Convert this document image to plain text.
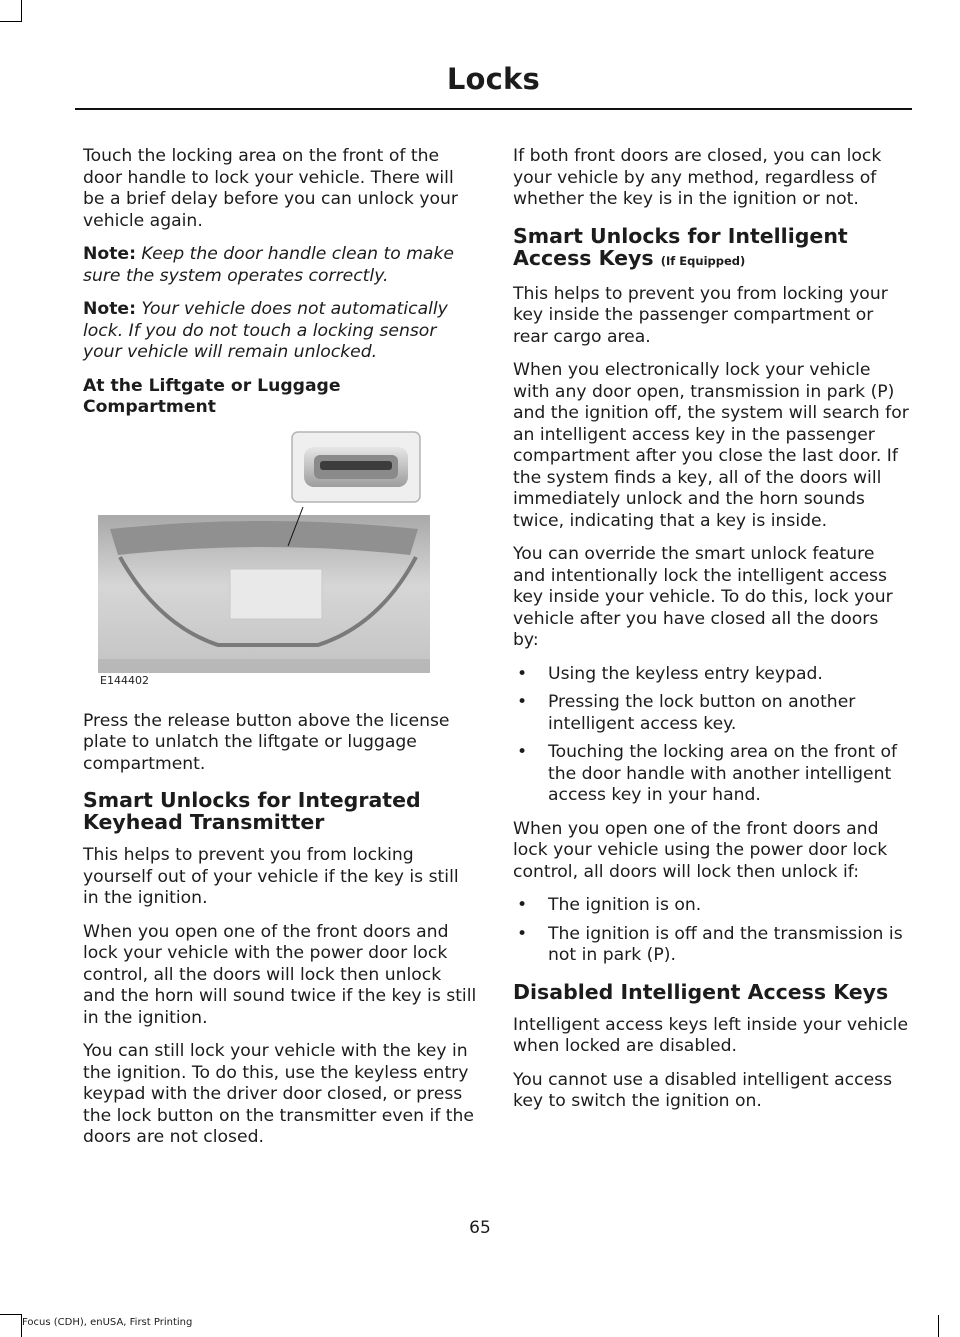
Locks

Touch the locking area on the front of the door handle to lock your vehicle. There will be a brief delay before you can unlock your vehicle again.

Note: Keep the door handle clean to make sure the system operates correctly.

Note: Your vehicle does not automatically lock. If you do not touch a locking sensor your vehicle will remain unlocked.

At the Liftgate or Luggage Compartment
E144402

Press the release button above the license plate to unlatch the liftgate or luggage compartment.

Smart Unlocks for Integrated Keyhead Transmitter

This helps to prevent you from locking yourself out of your vehicle if the key is still in the ignition.

When you open one of the front doors and lock your vehicle with the power door lock control, all the doors will lock then unlock and the horn will sound twice if the key is still in the ignition.

You can still lock your vehicle with the key in the ignition. To do this, use the keyless entry keypad with the driver door closed, or press the lock button on the transmitter even if the doors are not closed.

If both front doors are closed, you can lock your vehicle by any method, regardless of whether the key is in the ignition or not.

Smart Unlocks for Intelligent Access Keys (If Equipped)

This helps to prevent you from locking your key inside the passenger compartment or rear cargo area.

When you electronically lock your vehicle with any door open, transmission in park (P) and the ignition off, the system will search for an intelligent access key in the passenger compartment after you close the last door. If the system finds a key, all of the doors will immediately unlock and the horn sounds twice, indicating that a key is inside.

You can override the smart unlock feature and intentionally lock the intelligent access key inside your vehicle. To do this, lock your vehicle after you have closed all the doors by:

• Using the keyless entry keypad.
• Pressing the lock button on another intelligent access key.
• Touching the locking area on the front of the door handle with another intelligent access key in your hand.

When you open one of the front doors and lock your vehicle using the power door lock control, all doors will lock then unlock if:

• The ignition is on.
• The ignition is off and the transmission is not in park (P).
Disabled Intelligent Access Keys

Intelligent access keys left inside your vehicle when locked are disabled.

You cannot use a disabled intelligent access key to switch the ignition on.

65
Focus (CDH), enUSA, First Printing
